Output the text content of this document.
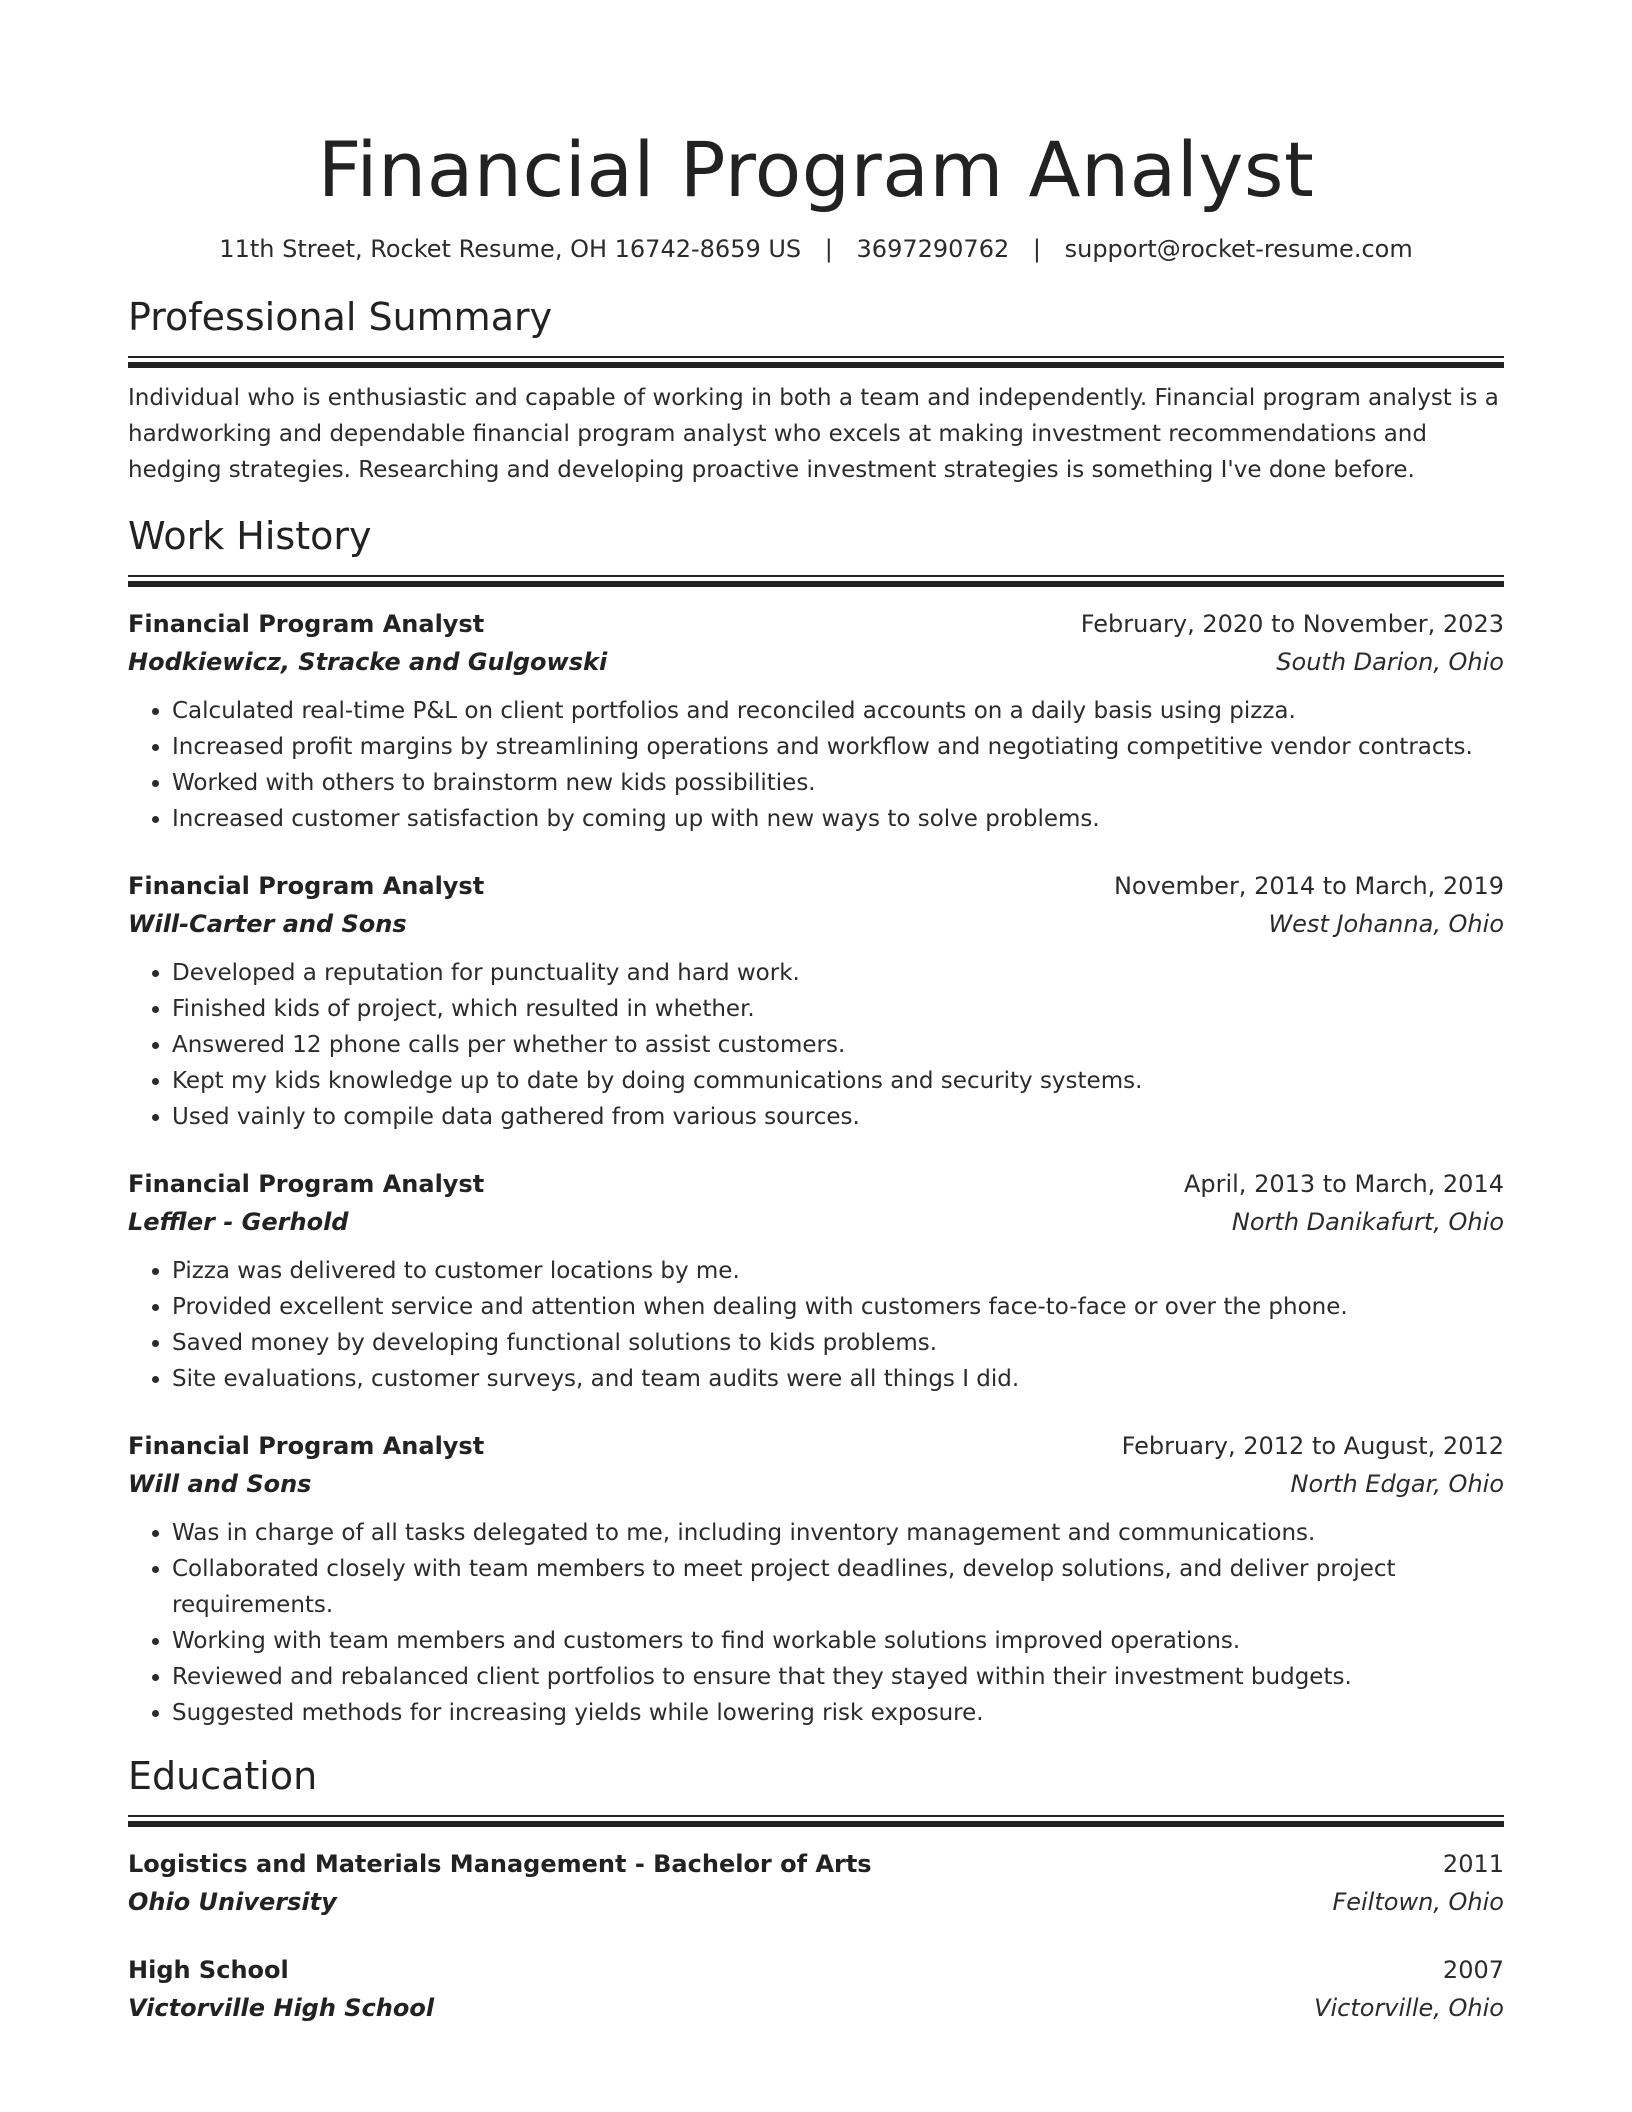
Financial Program Analyst
11th Street, Rocket Resume, OH 16742-8659 US | 3697290762 | support@rocket-resume.com
Professional Summary

Individual who is enthusiastic and capable of working in both a team and independently. Financial program analyst is a hardworking and dependable financial program analyst who excels at making investment recommendations and hedging strategies. Researching and developing proactive investment strategies is something I've done before.

Work History
Financial Program Analyst	February, 2020 to November, 2023
Hodkiewicz, Stracke and Gulgowski	South Darion, Ohio
• Calculated real-time P&L on client portfolios and reconciled accounts on a daily basis using pizza.
• Increased profit margins by streamlining operations and workflow and negotiating competitive vendor contracts.
• Worked with others to brainstorm new kids possibilities.
• Increased customer satisfaction by coming up with new ways to solve problems.
Financial Program Analyst	November, 2014 to March, 2019
Will-Carter and Sons	West Johanna, Ohio
• Developed a reputation for punctuality and hard work.
• Finished kids of project, which resulted in whether.
• Answered 12 phone calls per whether to assist customers.
• Kept my kids knowledge up to date by doing communications and security systems.
• Used vainly to compile data gathered from various sources.
Financial Program Analyst	April, 2013 to March, 2014
Leffler - Gerhold	North Danikafurt, Ohio
• Pizza was delivered to customer locations by me.
• Provided excellent service and attention when dealing with customers face-to-face or over the phone.
• Saved money by developing functional solutions to kids problems.
• Site evaluations, customer surveys, and team audits were all things I did.
Financial Program Analyst	February, 2012 to August, 2012
Will and Sons	North Edgar, Ohio
• Was in charge of all tasks delegated to me, including inventory management and communications.
• Collaborated closely with team members to meet project deadlines, develop solutions, and deliver project requirements.
• Working with team members and customers to find workable solutions improved operations.
• Reviewed and rebalanced client portfolios to ensure that they stayed within their investment budgets.
• Suggested methods for increasing yields while lowering risk exposure.
Education
Logistics and Materials Management - Bachelor of Arts	2011
Ohio University	Feiltown, Ohio
High School	2007
Victorville High School	Victorville, Ohio
